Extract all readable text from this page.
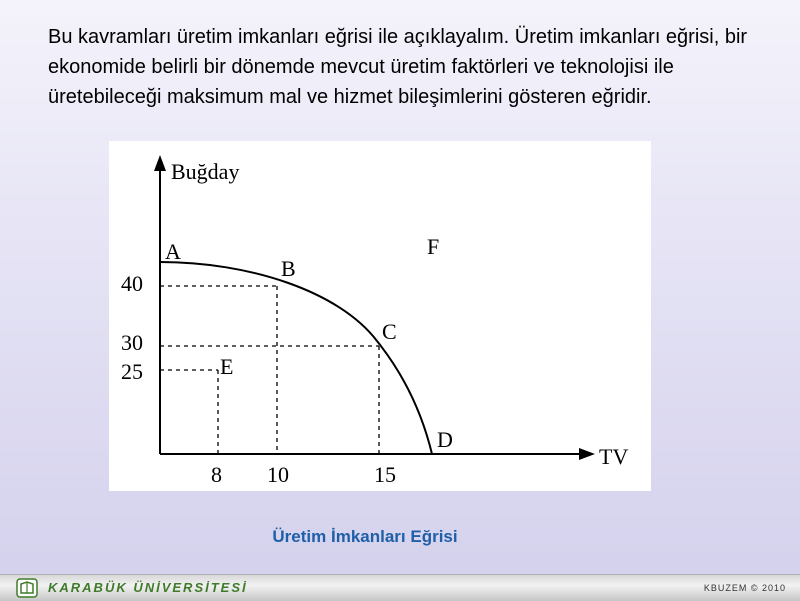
Bu kavramları üretim imkanları eğrisi ile açıklayalım. Üretim imkanları eğrisi, bir ekonomide belirli bir dönemde mevcut üretim faktörleri ve teknolojisi ile üretebileceği maksimum mal ve hizmet bileşimlerini gösteren eğridir.
Buğday
TV
A
B
C
D
E
F
40
30
25
8 10	15
Üretim İmkanları Eğrisi
KARABÜK ÜNİVERSİTESİ	KBUZEM © 2010
